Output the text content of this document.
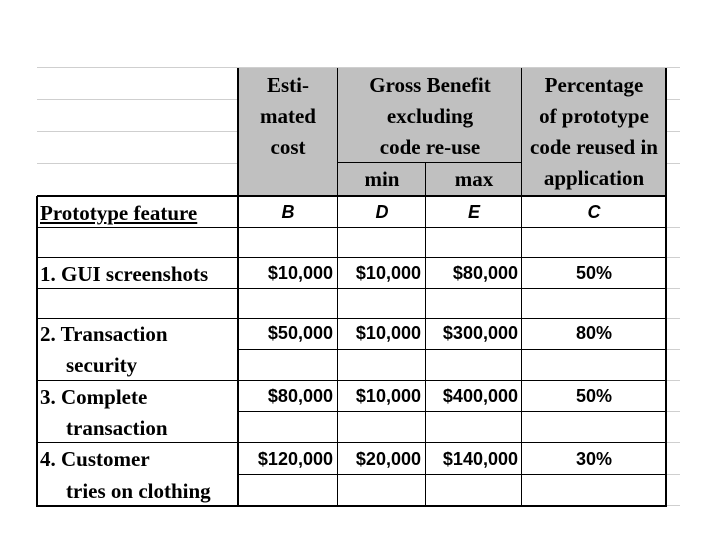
Esti-
mated
cost
Gross Benefit
excluding
code re-use
min	max
Percentage
of prototype
code reused in
application
Prototype feature	B	D	E	C
1. GUI screenshots	$10,000	$10,000	$80,000	50%
2. Transaction
security
$50,000	$10,000	$300,000	80%
3. Complete
transaction
$80,000	$10,000	$400,000	50%
4. Customer
tries on clothing
$120,000	$20,000	$140,000	30%
